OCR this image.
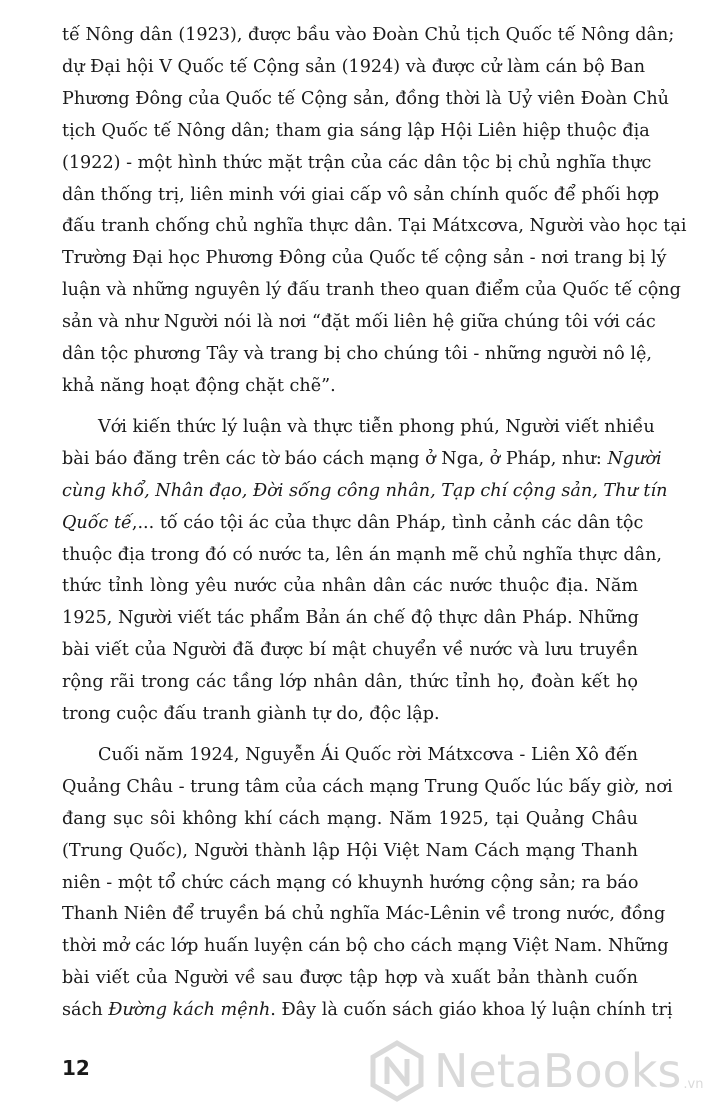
tế Nông dân (1923), được bầu vào Đoàn Chủ tịch Quốc tế Nông dân;
dự Đại hội V Quốc tế Cộng sản (1924) và được cử làm cán bộ Ban
Phương Đông của Quốc tế Cộng sản, đồng thời là Uỷ viên Đoàn Chủ
tịch Quốc tế Nông dân; tham gia sáng lập Hội Liên hiệp thuộc địa
(1922) - một hình thức mặt trận của các dân tộc bị chủ nghĩa thực
dân thống trị, liên minh với giai cấp vô sản chính quốc để phối hợp
đấu tranh chống chủ nghĩa thực dân. Tại Mátxcơva, Người vào học tại
Trường Đại học Phương Đông của Quốc tế cộng sản - nơi trang bị lý
luận và những nguyên lý đấu tranh theo quan điểm của Quốc tế cộng
sản và như Người nói là nơi “đặt mối liên hệ giữa chúng tôi với các
dân tộc phương Tây và trang bị cho chúng tôi - những người nô lệ,
khả năng hoạt động chặt chẽ”.

Với kiến thức lý luận và thực tiễn phong phú, Người viết nhiều
bài báo đăng trên các tờ báo cách mạng ở Nga, ở Pháp, như: Người
cùng khổ, Nhân đạo, Đời sống công nhân, Tạp chí cộng sản, Thư tín
Quốc tế,... tố cáo tội ác của thực dân Pháp, tình cảnh các dân tộc
thuộc địa trong đó có nước ta, lên án mạnh mẽ chủ nghĩa thực dân,
thức tỉnh lòng yêu nước của nhân dân các nước thuộc địa. Năm
1925, Người viết tác phẩm Bản án chế độ thực dân Pháp. Những
bài viết của Người đã được bí mật chuyển về nước và lưu truyền
rộng rãi trong các tầng lớp nhân dân, thức tỉnh họ, đoàn kết họ
trong cuộc đấu tranh giành tự do, độc lập.

Cuối năm 1924, Nguyễn Ái Quốc rời Mátxcơva - Liên Xô đến
Quảng Châu - trung tâm của cách mạng Trung Quốc lúc bấy giờ, nơi
đang sục sôi không khí cách mạng. Năm 1925, tại Quảng Châu
(Trung Quốc), Người thành lập Hội Việt Nam Cách mạng Thanh
niên - một tổ chức cách mạng có khuynh hướng cộng sản; ra báo
Thanh Niên để truyền bá chủ nghĩa Mác-Lênin về trong nước, đồng
thời mở các lớp huấn luyện cán bộ cho cách mạng Việt Nam. Những
bài viết của Người về sau được tập hợp và xuất bản thành cuốn
sách Đường kách mệnh. Đây là cuốn sách giáo khoa lý luận chính trị

12	NetaBooks .vn
